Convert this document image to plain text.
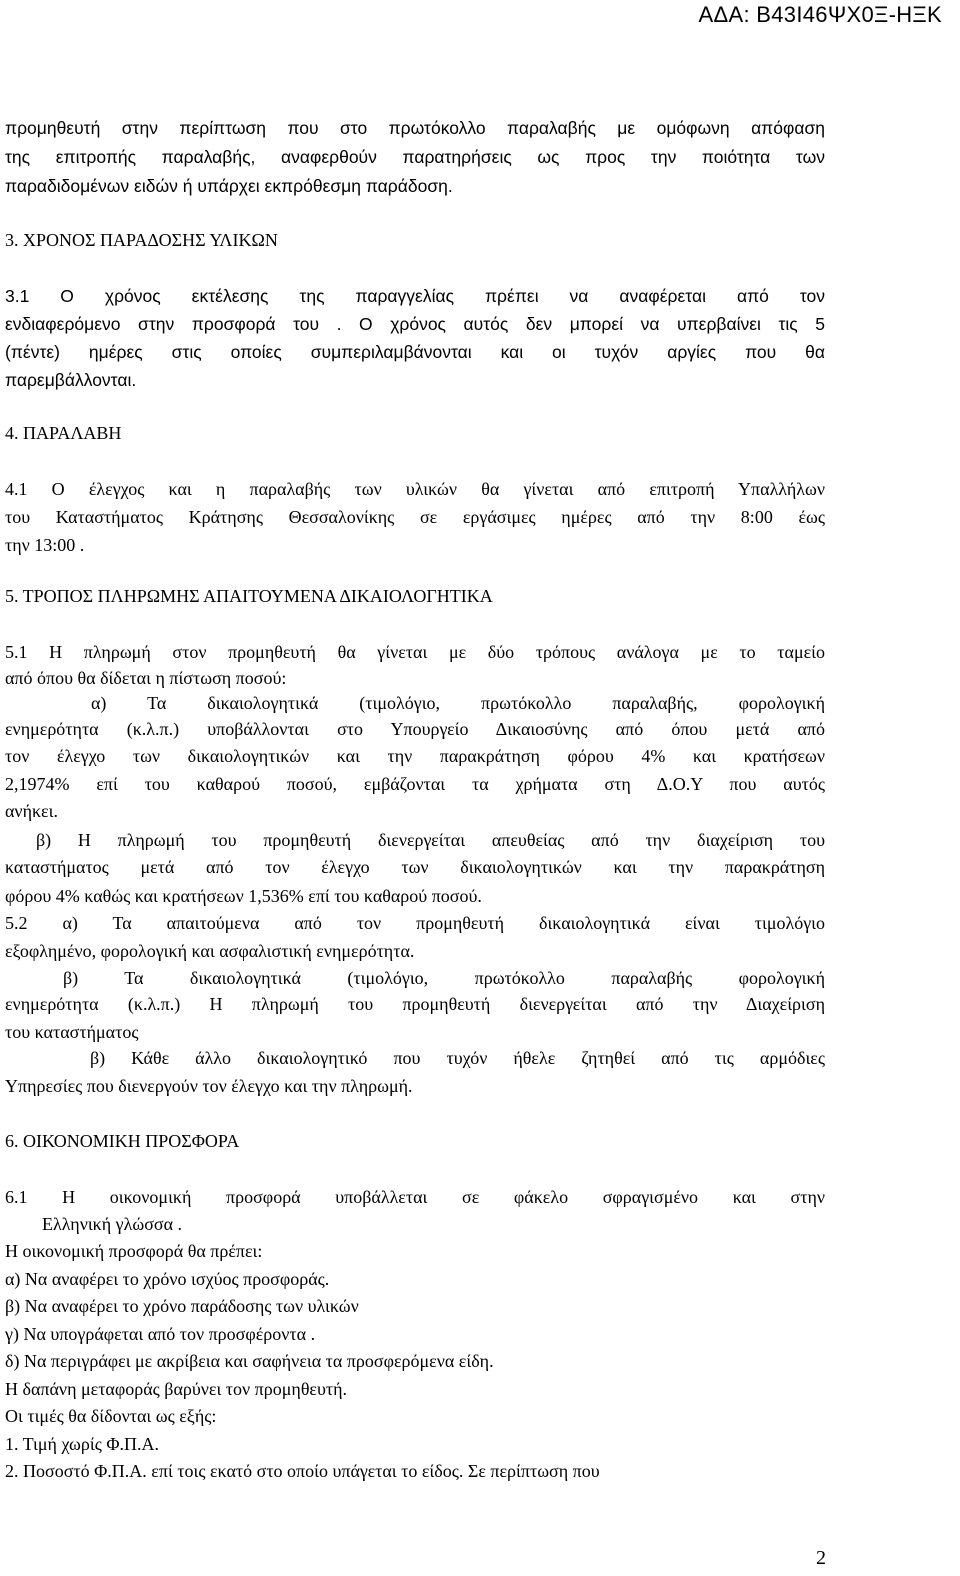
ΑΔΑ: Β43Ι46ΨΧ0Ξ-ΗΞΚ
προμηθευτή στην περίπτωση που στο πρωτόκολλο παραλαβής με ομόφωνη απόφαση
της επιτροπής παραλαβής, αναφερθούν παρατηρήσεις ως προς την ποιότητα των
παραδιδομένων ειδών ή υπάρχει εκπρόθεσμη παράδοση.
3. ΧΡΟΝΟΣ ΠΑΡΑΔΟΣΗΣ ΥΛΙΚΩΝ
3.1 Ο χρόνος εκτέλεσης της παραγγελίας πρέπει να αναφέρεται από τον
ενδιαφερόμενο στην προσφορά του . Ο χρόνος αυτός δεν μπορεί να υπερβαίνει τις 5
(πέντε) ημέρες στις οποίες συμπεριλαμβάνονται και οι τυχόν αργίες που θα
παρεμβάλλονται.
4. ΠΑΡΑΛΑΒΗ
4.1 Ο έλεγχος και η παραλαβής των υλικών θα γίνεται από επιτροπή Υπαλλήλων
του Καταστήματος Κράτησης Θεσσαλονίκης σε εργάσιμες ημέρες από την 8:00 έως
την 13:00 .
5. ΤΡΟΠΟΣ ΠΛΗΡΩΜΗΣ ΑΠΑΙΤΟΥΜΕΝΑ ΔΙΚΑΙΟΛΟΓΗΤΙΚΑ
5.1 Η πληρωμή στον προμηθευτή θα γίνεται με δύο τρόπους ανάλογα με το ταμείο
από όπου θα δίδεται η πίστωση ποσού:
α) Τα δικαιολογητικά (τιμολόγιο, πρωτόκολλο παραλαβής, φορολογική
ενημερότητα (κ.λ.π.) υποβάλλονται στο Υπουργείο Δικαιοσύνης από όπου μετά από
τον έλεγχο των δικαιολογητικών και την παρακράτηση φόρου 4% και κρατήσεων
2,1974% επί του καθαρού ποσού, εμβάζονται τα χρήματα στη Δ.Ο.Υ που αυτός
ανήκει.
β) Η πληρωμή του προμηθευτή διενεργείται απευθείας από την διαχείριση του
καταστήματος μετά από τον έλεγχο των δικαιολογητικών και την παρακράτηση
φόρου 4% καθώς και κρατήσεων 1,536% επί του καθαρού ποσού.
5.2 α) Τα απαιτούμενα από τον προμηθευτή δικαιολογητικά είναι τιμολόγιο
εξοφλημένο, φορολογική και ασφαλιστική ενημερότητα.
β) Τα δικαιολογητικά (τιμολόγιο, πρωτόκολλο παραλαβής φορολογική
ενημερότητα (κ.λ.π.) Η πληρωμή του προμηθευτή διενεργείται από την Διαχείριση
του καταστήματος
β) Κάθε άλλο δικαιολογητικό που τυχόν ήθελε ζητηθεί από τις αρμόδιες
Υπηρεσίες που διενεργούν τον έλεγχο και την πληρωμή.
6. ΟΙΚΟΝΟΜΙΚΗ ΠΡΟΣΦΟΡΑ
6.1 Η οικονομική προσφορά υποβάλλεται σε φάκελο σφραγισμένο και στην
Ελληνική γλώσσα .
Η οικονομική προσφορά θα πρέπει:
α) Να αναφέρει το χρόνο ισχύος προσφοράς.
β) Να αναφέρει το χρόνο παράδοσης των υλικών
γ) Να υπογράφεται από τον προσφέροντα .
δ) Να περιγράφει με ακρίβεια και σαφήνεια τα προσφερόμενα είδη.
Η δαπάνη μεταφοράς βαρύνει τον προμηθευτή.
Οι τιμές θα δίδονται ως εξής:
1. Τιμή χωρίς Φ.Π.Α.
2. Ποσοστό Φ.Π.Α. επί τοις εκατό στο οποίο υπάγεται το είδος. Σε περίπτωση που
2
